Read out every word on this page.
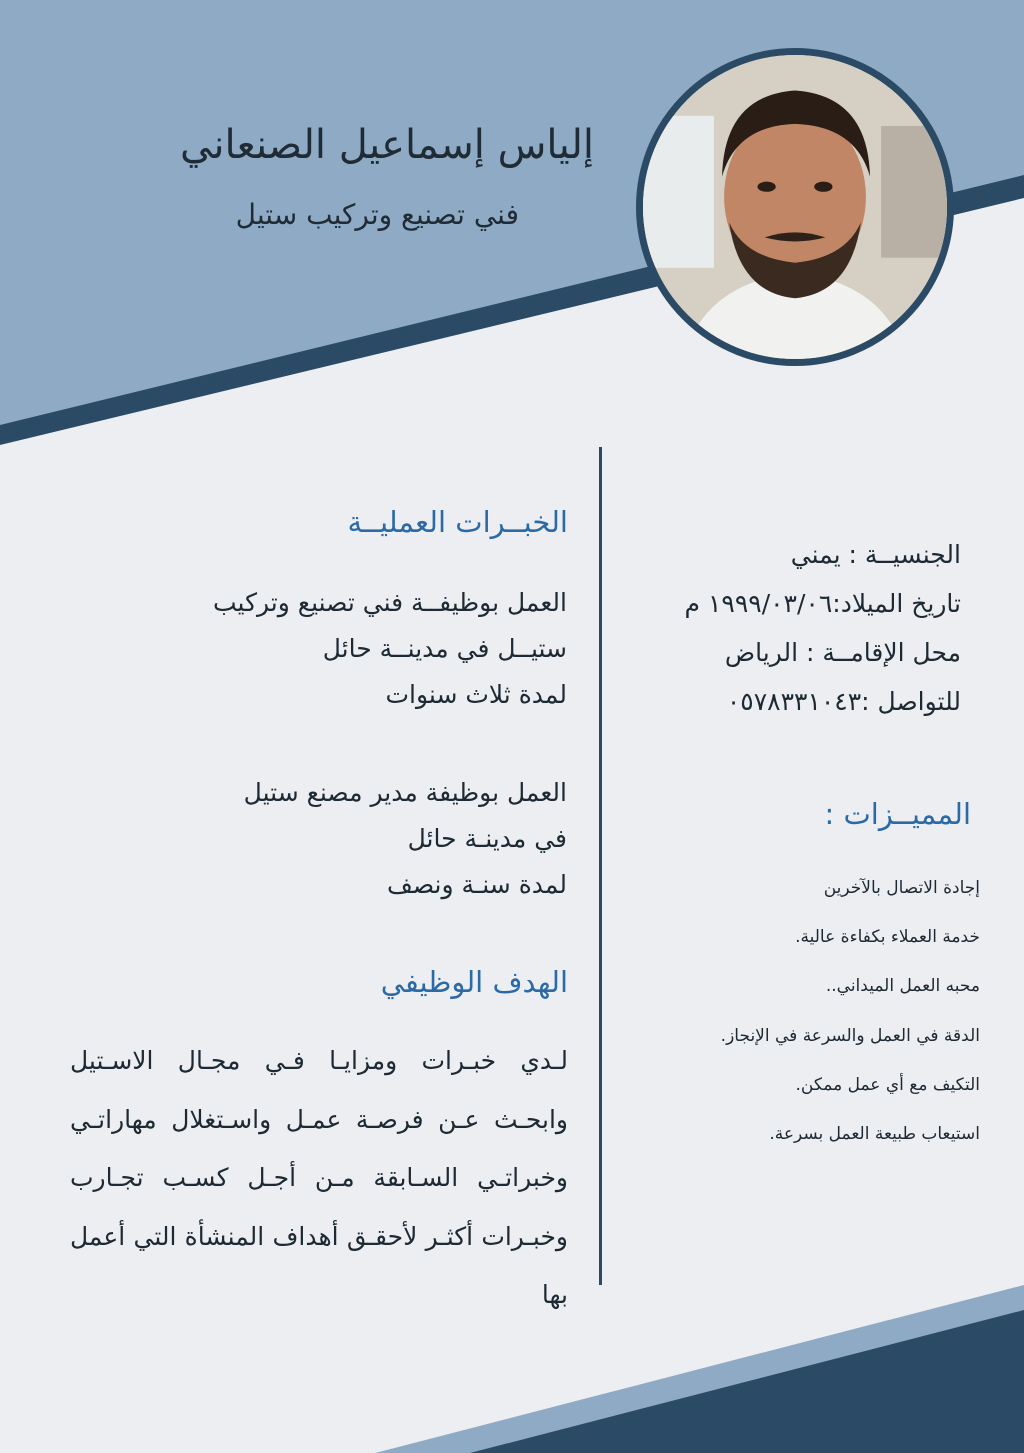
إلياس إسماعيل الصنعاني
فني تصنيع وتركيب ستيل
الخبــرات العمليــة
العمل بوظيفــة فني تصنيع وتركيب
ستيــل في مدينــة حائل
لمدة ثلاث سنوات
العمل بوظيفة مدير مصنع ستيل
في مدينـة حائل
لمدة سنـة ونصف
الهدف الوظيفي
لـدي خبـرات ومزايـا فـي مجـال الاسـتيل وابحـث عـن فرصـة عمـل واسـتغلال مهاراتـي وخبراتـي السـابقة مـن أجـل كسـب تجـارب وخبـرات أكثـر لأحقـق أهداف المنشأة التي أعمل بها
الجنسيــة : يمني
تاريخ الميلاد:١٩٩٩/٠٣/٠٦ م
محل الإقامــة : الرياض
للتواصل :٠٥٧٨٣٣١٠٤٣
المميــزات :
إجادة الاتصال بالآخرين
خدمة العملاء بكفاءة عالية.
محبه العمل الميداني..
الدقة في العمل والسرعة في الإنجاز.
التكيف مع أي عمل ممكن.
استيعاب طبيعة العمل بسرعة.
